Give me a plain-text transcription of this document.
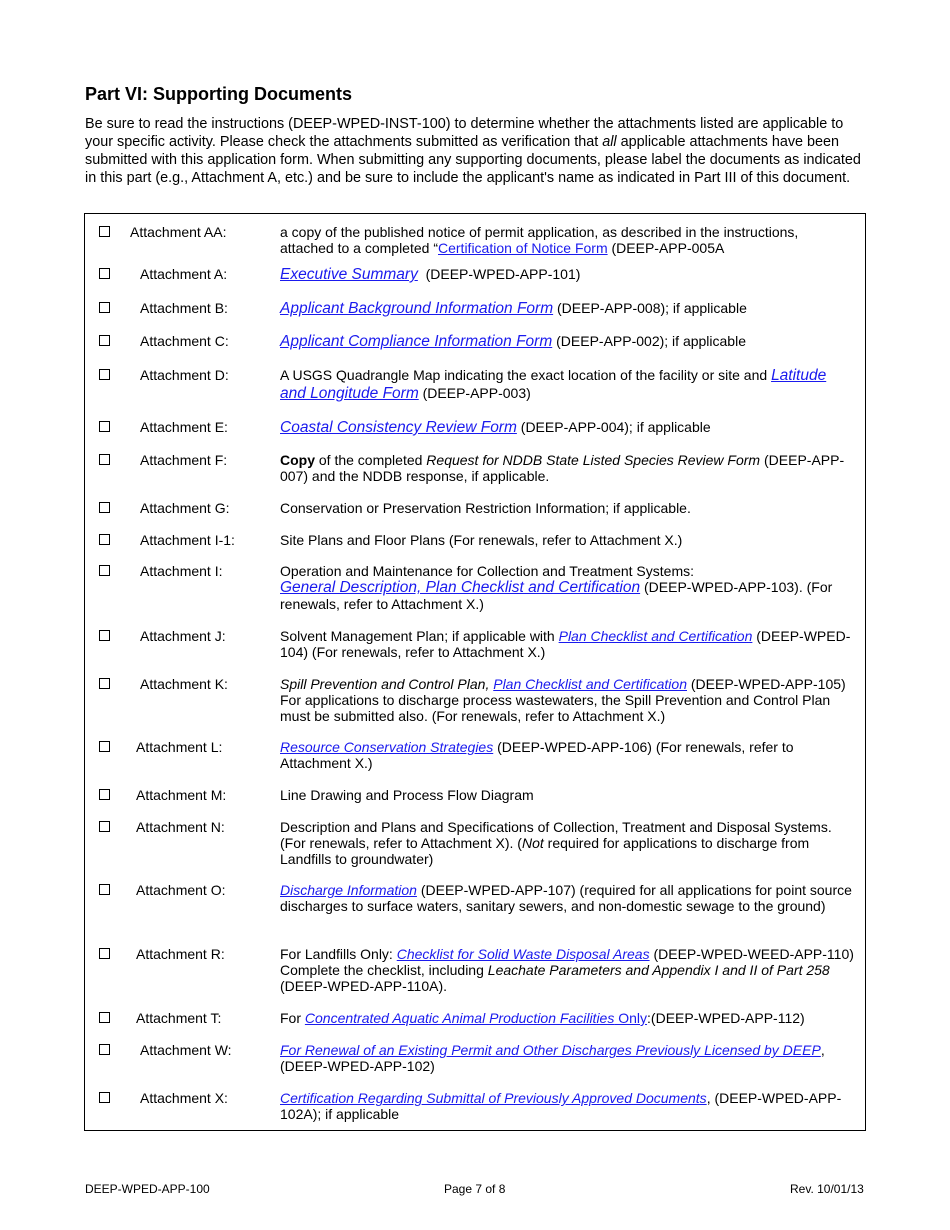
Part VI: Supporting Documents

Be sure to read the instructions (DEEP-WPED-INST-100) to determine whether the attachments listed are applicable to your specific activity. Please check the attachments submitted as verification that all applicable attachments have been submitted with this application form. When submitting any supporting documents, please label the documents as indicated in this part (e.g., Attachment A, etc.) and be sure to include the applicant's name as indicated in Part III of this document.

Attachment AA:	a copy of the published notice of permit application, as described in the instructions, attached to a completed “Certification of Notice Form (DEEP-APP-005A
Attachment A:	Executive Summary  (DEEP-WPED-APP-101)
Attachment B:	Applicant Background Information Form (DEEP-APP-008); if applicable
Attachment C:	Applicant Compliance Information Form (DEEP-APP-002); if applicable
Attachment D:	A USGS Quadrangle Map indicating the exact location of the facility or site and Latitude and Longitude Form (DEEP-APP-003)
Attachment E:	Coastal Consistency Review Form (DEEP-APP-004); if applicable
Attachment F:	Copy of the completed Request for NDDB State Listed Species Review Form (DEEP-APP-007) and the NDDB response, if applicable.
Attachment G:	Conservation or Preservation Restriction Information; if applicable.
Attachment I-1:	Site Plans and Floor Plans (For renewals, refer to Attachment X.)
Attachment I:	Operation and Maintenance for Collection and Treatment Systems:
General Description, Plan Checklist and Certification (DEEP-WPED-APP-103). (For renewals, refer to Attachment X.)
Attachment J:	Solvent Management Plan; if applicable with Plan Checklist and Certification (DEEP-WPED-104) (For renewals, refer to Attachment X.)
Attachment K:	Spill Prevention and Control Plan, Plan Checklist and Certification (DEEP-WPED-APP-105) For applications to discharge process wastewaters, the Spill Prevention and Control Plan must be submitted also. (For renewals, refer to Attachment X.)
Attachment L:	Resource Conservation Strategies (DEEP-WPED-APP-106) (For renewals, refer to Attachment X.)
Attachment M:	Line Drawing and Process Flow Diagram
Attachment N:	Description and Plans and Specifications of Collection, Treatment and Disposal Systems. (For renewals, refer to Attachment X). (Not required for applications to discharge from Landfills to groundwater)
Attachment O:	Discharge Information (DEEP-WPED-APP-107) (required for all applications for point source discharges to surface waters, sanitary sewers, and non-domestic sewage to the ground)
Attachment R:	For Landfills Only: Checklist for Solid Waste Disposal Areas (DEEP-WPED-WEED-APP-110) Complete the checklist, including Leachate Parameters and Appendix I and II of Part 258 (DEEP-WPED-APP-110A).
Attachment T:	For Concentrated Aquatic Animal Production Facilities Only:(DEEP-WPED-APP-112)
Attachment W:	For Renewal of an Existing Permit and Other Discharges Previously Licensed by DEEP, (DEEP-WPED-APP-102)
Attachment X:	Certification Regarding Submittal of Previously Approved Documents, (DEEP-WPED-APP-102A); if applicable
DEEP-WPED-APP-100	Page 7 of 8	Rev. 10/01/13
